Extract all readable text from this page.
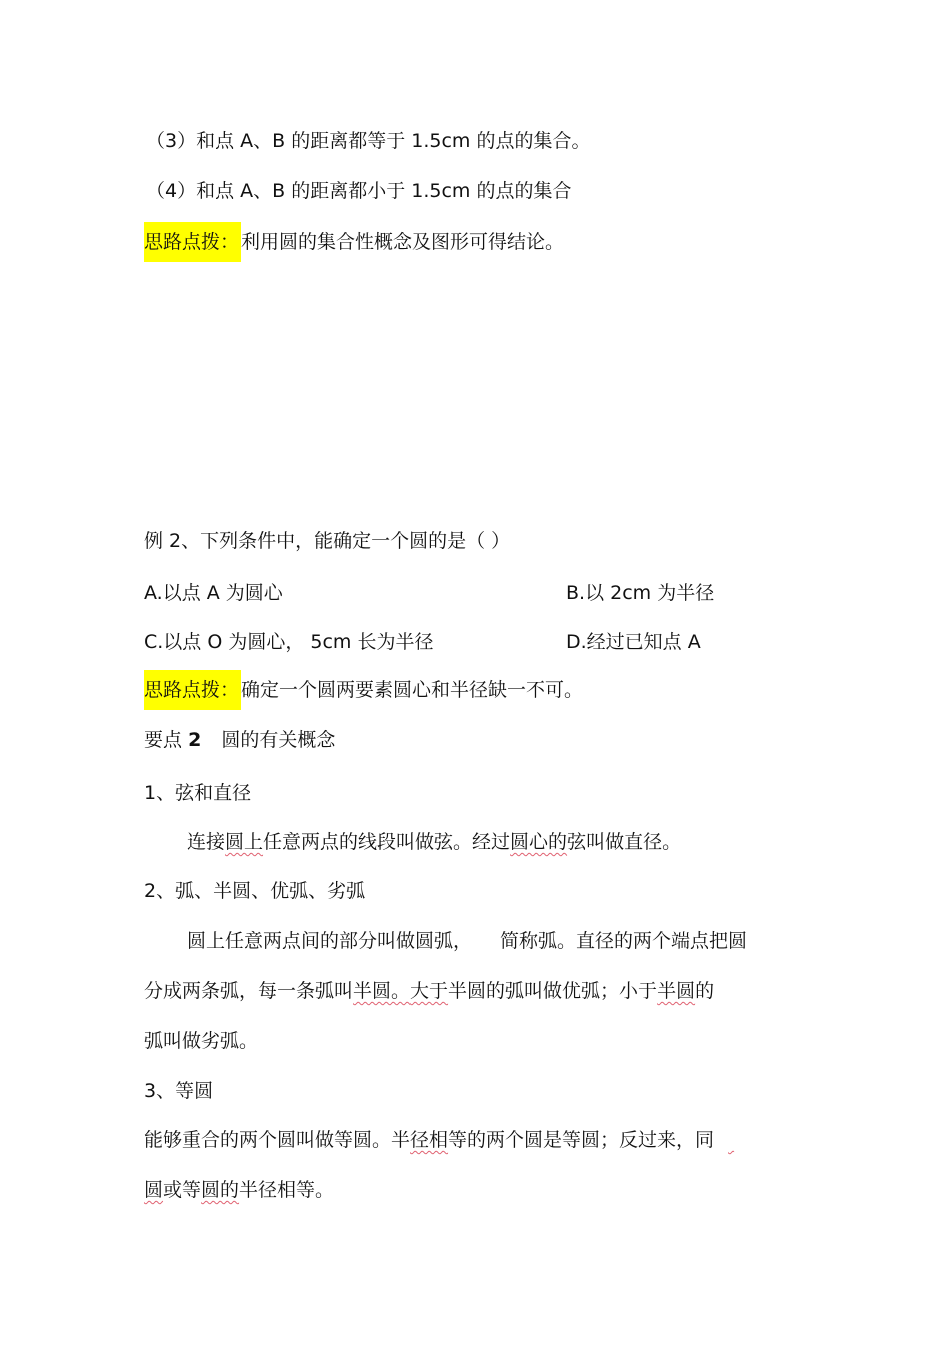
（3）和点 A、B 的距离都等于 1.5cm 的点的集合。
（4）和点 A、B 的距离都小于 1.5cm 的点的集合
思路点拨： 利用圆的集合性概念及图形可得结论。
例 2、下列条件中，能确定一个圆的是（ ）
A.以点 A 为圆心	B.以 2cm 为半径
C.以点 O 为圆心， 5cm 长为半径	D.经过已知点 A
思路点拨： 确定一个圆两要素圆心和半径缺一不可。
要点 2 圆的有关概念
1、弦和直径
连接圆上任意两点的线段叫做弦。经过圆心的弦叫做直径。
2、弧、半圆、优弧、劣弧
圆上任意两点间的部分叫做圆弧， 简称弧。直径的两个端点把圆
分成两条弧，每一条弧叫半圆。大于半圆的弧叫做优弧；小于半圆的
弧叫做劣弧。
3、等圆
能够重合的两个圆叫做等圆。半径相等的两个圆是等圆；反过来，同
圆或等圆的半径相等。
